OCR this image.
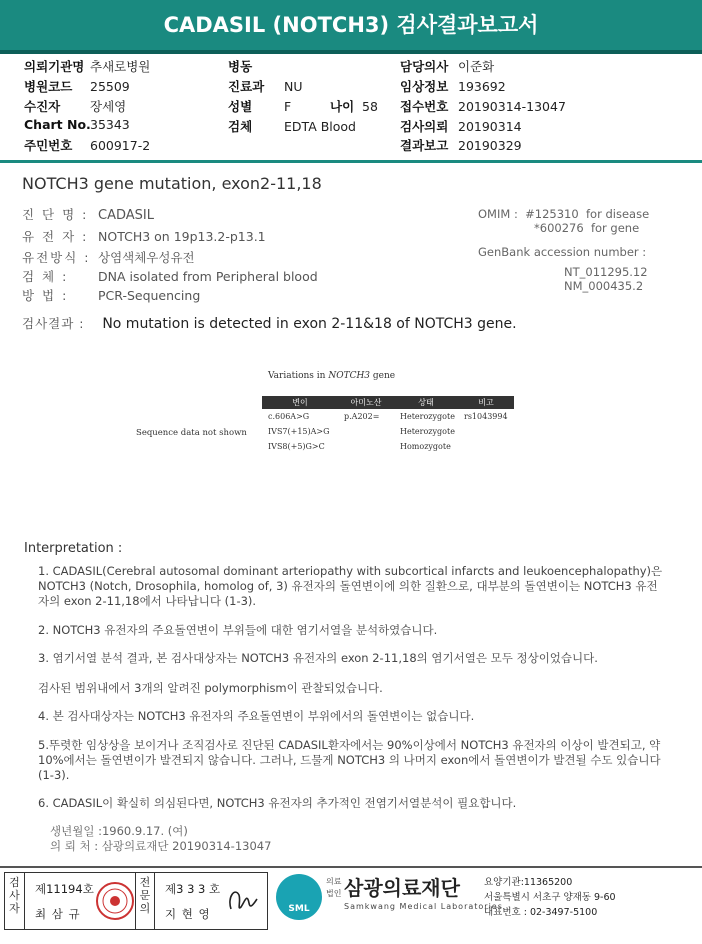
CADASIL (NOTCH3) 검사결과보고서
의뢰기관명 추새로병원
병원코드 25509
수진자 장세영
Chart No.35343
주민번호 600917-2
병동
진료과 NU
성별	F	나이 58
검체	EDTA Blood
담당의사 이준화
임상정보 193692
접수번호 20190314-13047
검사의뢰 20190314
결과보고 20190329
NOTCH3 gene mutation, exon2-11,18
진 단 명 : CADASIL
유 전 자 : NOTCH3 on 19p13.2-p13.1
유전방식 : 상염색체우성유전
검 체 : DNA isolated from Peripheral blood
방 법 : PCR-Sequencing
OMIM : #125310 for disease
*600276 for gene
GenBank accession number :
NT_011295.12
NM_000435.2
검사결과 : No mutation is detected in exon 2-11&18 of NOTCH3 gene.
Variations in NOTCH3 gene
Sequence data not shown
변이	아미노산	상태	비고
c.606A>G	p.A202=	Heterozygote	rs1043994
IVS7(+15)A>G		Heterozygote	
IVS8(+5)G>C		Homozygote	
Interpretation :
1. CADASIL(Cerebral autosomal dominant arteriopathy with subcortical infarcts and leukoencephalopathy)은 NOTCH3 (Notch, Drosophila, homolog of, 3) 유전자의 돌연변이에 의한 질환으로, 대부분의 돌연변이는 NOTCH3 유전자의 exon 2-11,18에서 나타납니다 (1-3).
2. NOTCH3 유전자의 주요돌연변이 부위들에 대한 염기서열을 분석하였습니다.
3. 염기서열 분석 결과, 본 검사대상자는 NOTCH3 유전자의 exon 2-11,18의 염기서열은 모두 정상이었습니다.
검사된 범위내에서 3개의 알려진 polymorphism이 관찰되었습니다.
4. 본 검사대상자는 NOTCH3 유전자의 주요돌연변이 부위에서의 돌연변이는 없습니다.
5.뚜렷한 임상상을 보이거나 조직검사로 진단된 CADASIL환자에서는 90%이상에서 NOTCH3 유전자의 이상이 발견되고, 약 10%에서는 돌연변이가 발견되지 않습니다. 그러나, 드물게 NOTCH3 의 나머지 exon에서 돌연변이가 발견될 수도 있습니다 (1-3).
6. CADASIL이 확실히 의심된다면, NOTCH3 유전자의 추가적인 전염기서열분석이 필요합니다.
생년월일 :1960.9.17. (여)
의 뢰 처 : 삼광의료재단 20190314-13047
검사자
제11194호
최 삼 규
전문의
제3 3 3 호
지 현 영	SML
의료
법인 삼광의료재단
Samkwang Medical Laboratories
요양기관:11365200
서울특별시 서초구 양재동 9-60
대표번호 : 02-3497-5100
